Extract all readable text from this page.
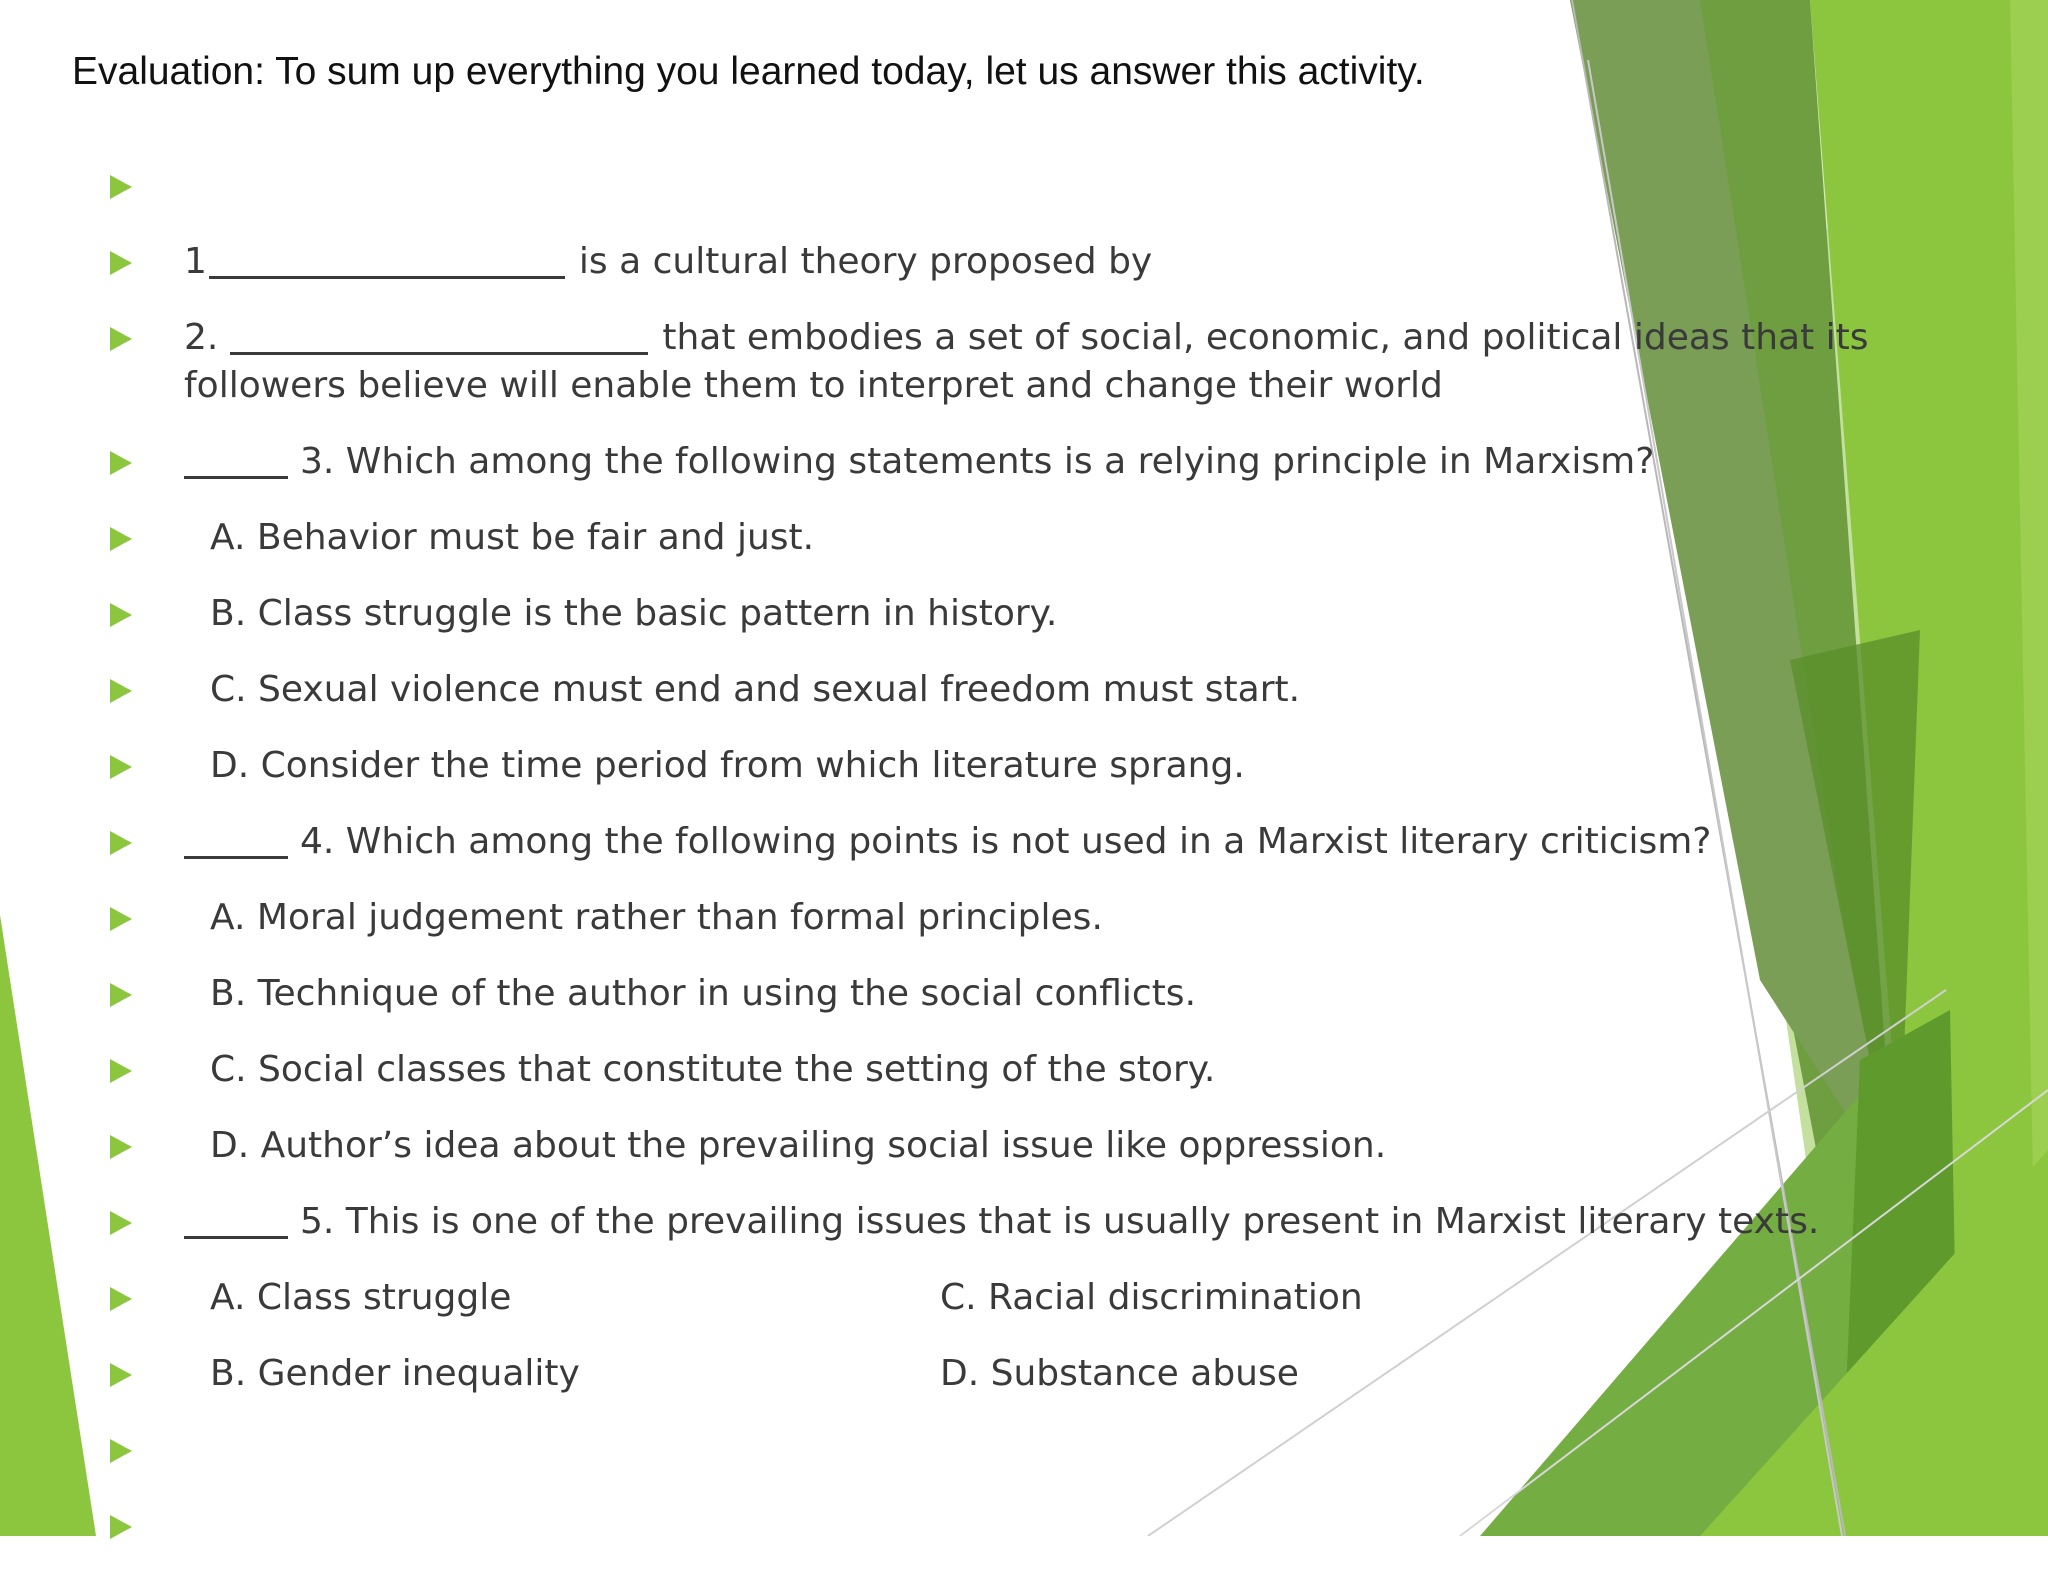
Evaluation: To sum up everything you learned today, let us answer this activity.
1	is a cultural theory proposed by
2.	that embodies a set of social, economic, and political ideas that its followers believe will enable them to interpret and change their world
3. Which among the following statements is a relying principle in Marxism?
A. Behavior must be fair and just.
B. Class struggle is the basic pattern in history.
C. Sexual violence must end and sexual freedom must start.
D. Consider the time period from which literature sprang.
4. Which among the following points is not used in a Marxist literary criticism?
A. Moral judgement rather than formal principles.
B. Technique of the author in using the social conflicts.
C. Social classes that constitute the setting of the story.
D. Author’s idea about the prevailing social issue like oppression.
5. This is one of the prevailing issues that is usually present in Marxist literary texts.
A. Class struggle	C. Racial discrimination
B. Gender inequality	D. Substance abuse
